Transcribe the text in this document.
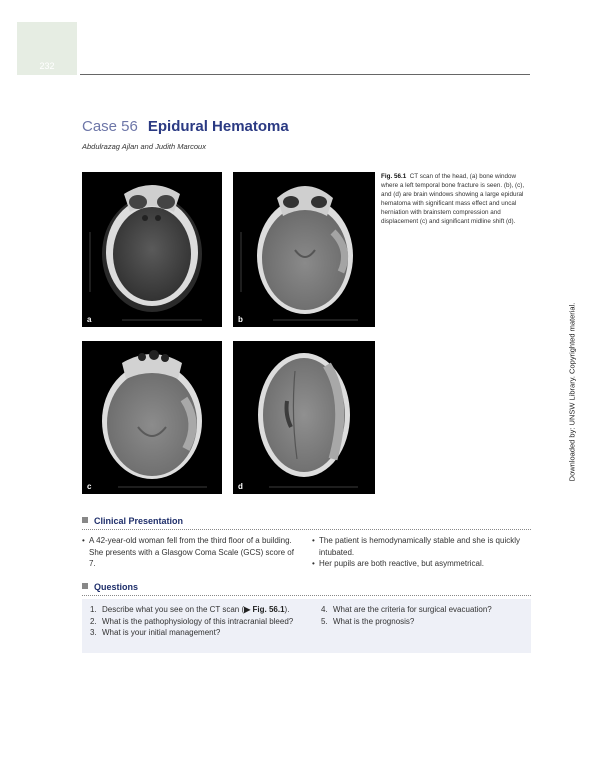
232
Case 56 Epidural Hematoma
Abdulrazag Ajlan and Judith Marcoux
a	b
c	d
Fig. 56.1 CT scan of the head, (a) bone window where a left temporal bone fracture is seen. (b), (c), and (d) are brain windows showing a large epidural hematoma with significant mass effect and uncal herniation with brainstem compression and displacement (c) and significant midline shift (d).
Downloaded by: UNSW Library. Copyrighted material.
Clinical Presentation
• A 42-year-old woman fell from the third floor of a building. She presents with a Glasgow Coma Scale (GCS) score of 7.
• The patient is hemodynamically stable and she is quickly intubated.
• Her pupils are both reactive, but asymmetrical.
Questions
1. Describe what you see on the CT scan (▶ Fig. 56.1).
2. What is the pathophysiology of this intracranial bleed?
3. What is your initial management?
4. What are the criteria for surgical evacuation?
5. What is the prognosis?
